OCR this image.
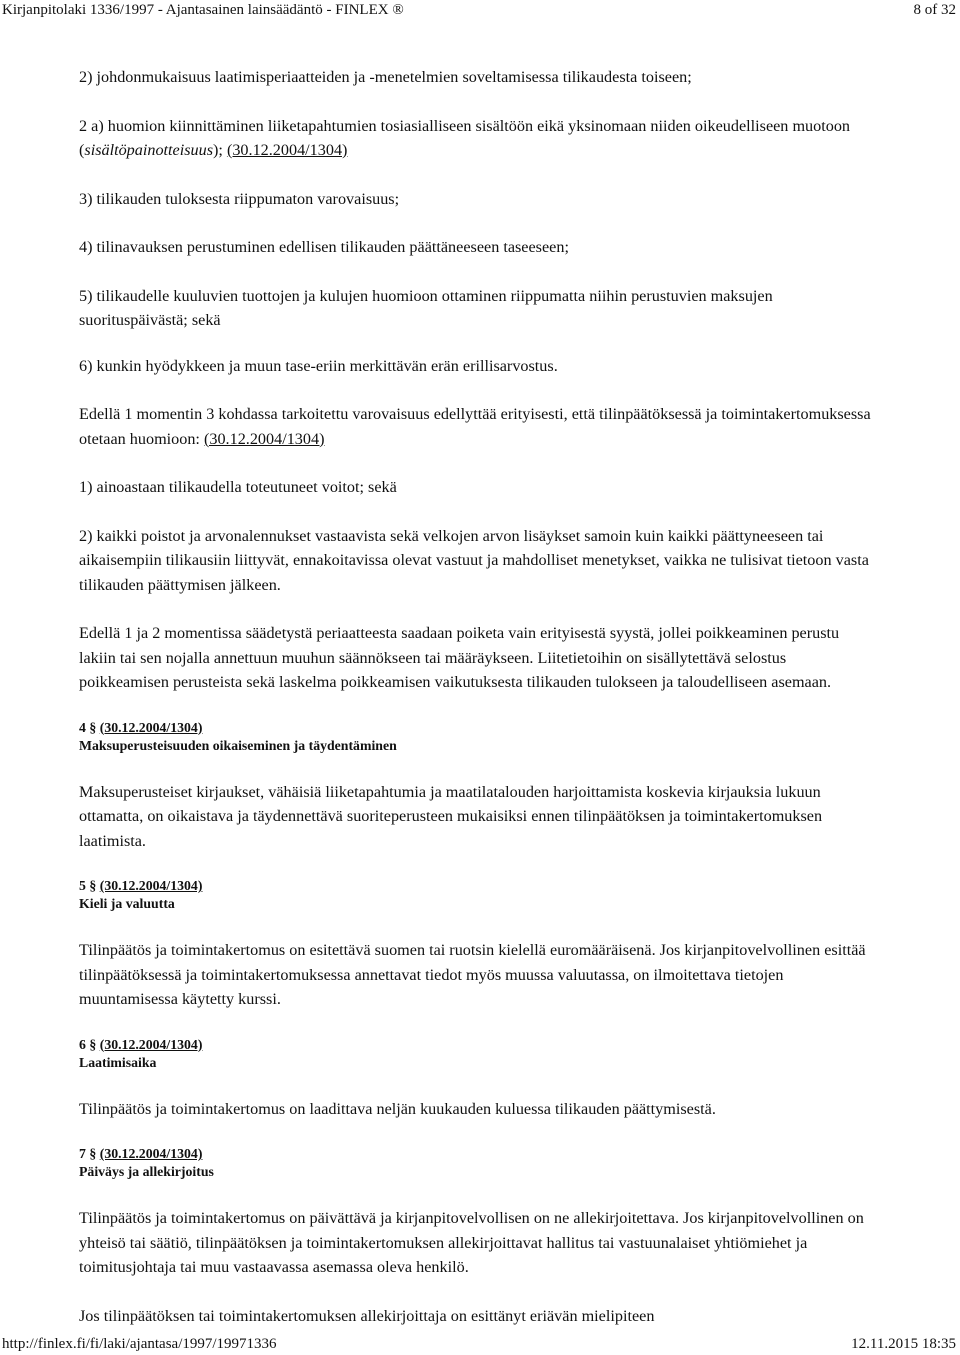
Kirjanpitolaki 1336/1997 - Ajantasainen lainsäädäntö - FINLEX ®	8 of 32

2) johdonmukaisuus laatimisperiaatteiden ja -menetelmien soveltamisessa tilikaudesta toiseen;

2 a) huomion kiinnittäminen liiketapahtumien tosiasialliseen sisältöön eikä yksinomaan niiden oikeudelliseen muotoon (sisältöpainotteisuus); (30.12.2004/1304)

3) tilikauden tuloksesta riippumaton varovaisuus;

4) tilinavauksen perustuminen edellisen tilikauden päättäneeseen taseeseen;

5) tilikaudelle kuuluvien tuottojen ja kulujen huomioon ottaminen riippumatta niihin perustuvien maksujen suorituspäivästä; sekä

6) kunkin hyödykkeen ja muun tase-eriin merkittävän erän erillisarvostus.

Edellä 1 momentin 3 kohdassa tarkoitettu varovaisuus edellyttää erityisesti, että tilinpäätöksessä ja toimintakertomuksessa otetaan huomioon: (30.12.2004/1304)

1) ainoastaan tilikaudella toteutuneet voitot; sekä

2) kaikki poistot ja arvonalennukset vastaavista sekä velkojen arvon lisäykset samoin kuin kaikki päättyneeseen tai aikaisempiin tilikausiin liittyvät, ennakoitavissa olevat vastuut ja mahdolliset menetykset, vaikka ne tulisivat tietoon vasta tilikauden päättymisen jälkeen.

Edellä 1 ja 2 momentissa säädetystä periaatteesta saadaan poiketa vain erityisestä syystä, jollei poikkeaminen perustu lakiin tai sen nojalla annettuun muuhun säännökseen tai määräykseen. Liitetietoihin on sisällytettävä selostus poikkeamisen perusteista sekä laskelma poikkeamisen vaikutuksesta tilikauden tulokseen ja taloudelliseen asemaan.

4 § (30.12.2004/1304)
Maksuperusteisuuden oikaiseminen ja täydentäminen

Maksuperusteiset kirjaukset, vähäisiä liiketapahtumia ja maatilatalouden harjoittamista koskevia kirjauksia lukuun ottamatta, on oikaistava ja täydennettävä suoriteperusteen mukaisiksi ennen tilinpäätöksen ja toimintakertomuksen laatimista.

5 § (30.12.2004/1304)
Kieli ja valuutta

Tilinpäätös ja toimintakertomus on esitettävä suomen tai ruotsin kielellä euromääräisenä. Jos kirjanpitovelvollinen esittää tilinpäätöksessä ja toimintakertomuksessa annettavat tiedot myös muussa valuutassa, on ilmoitettava tietojen muuntamisessa käytetty kurssi.

6 § (30.12.2004/1304)
Laatimisaika

Tilinpäätös ja toimintakertomus on laadittava neljän kuukauden kuluessa tilikauden päättymisestä.

7 § (30.12.2004/1304)
Päiväys ja allekirjoitus

Tilinpäätös ja toimintakertomus on päivättävä ja kirjanpitovelvollisen on ne allekirjoitettava. Jos kirjanpitovelvollinen on yhteisö tai säätiö, tilinpäätöksen ja toimintakertomuksen allekirjoittavat hallitus tai vastuunalaiset yhtiömiehet ja toimitusjohtaja tai muu vastaavassa asemassa oleva henkilö.

Jos tilinpäätöksen tai toimintakertomuksen allekirjoittaja on esittänyt eriävän mielipiteen

http://finlex.fi/fi/laki/ajantasa/1997/19971336	12.11.2015 18:35
